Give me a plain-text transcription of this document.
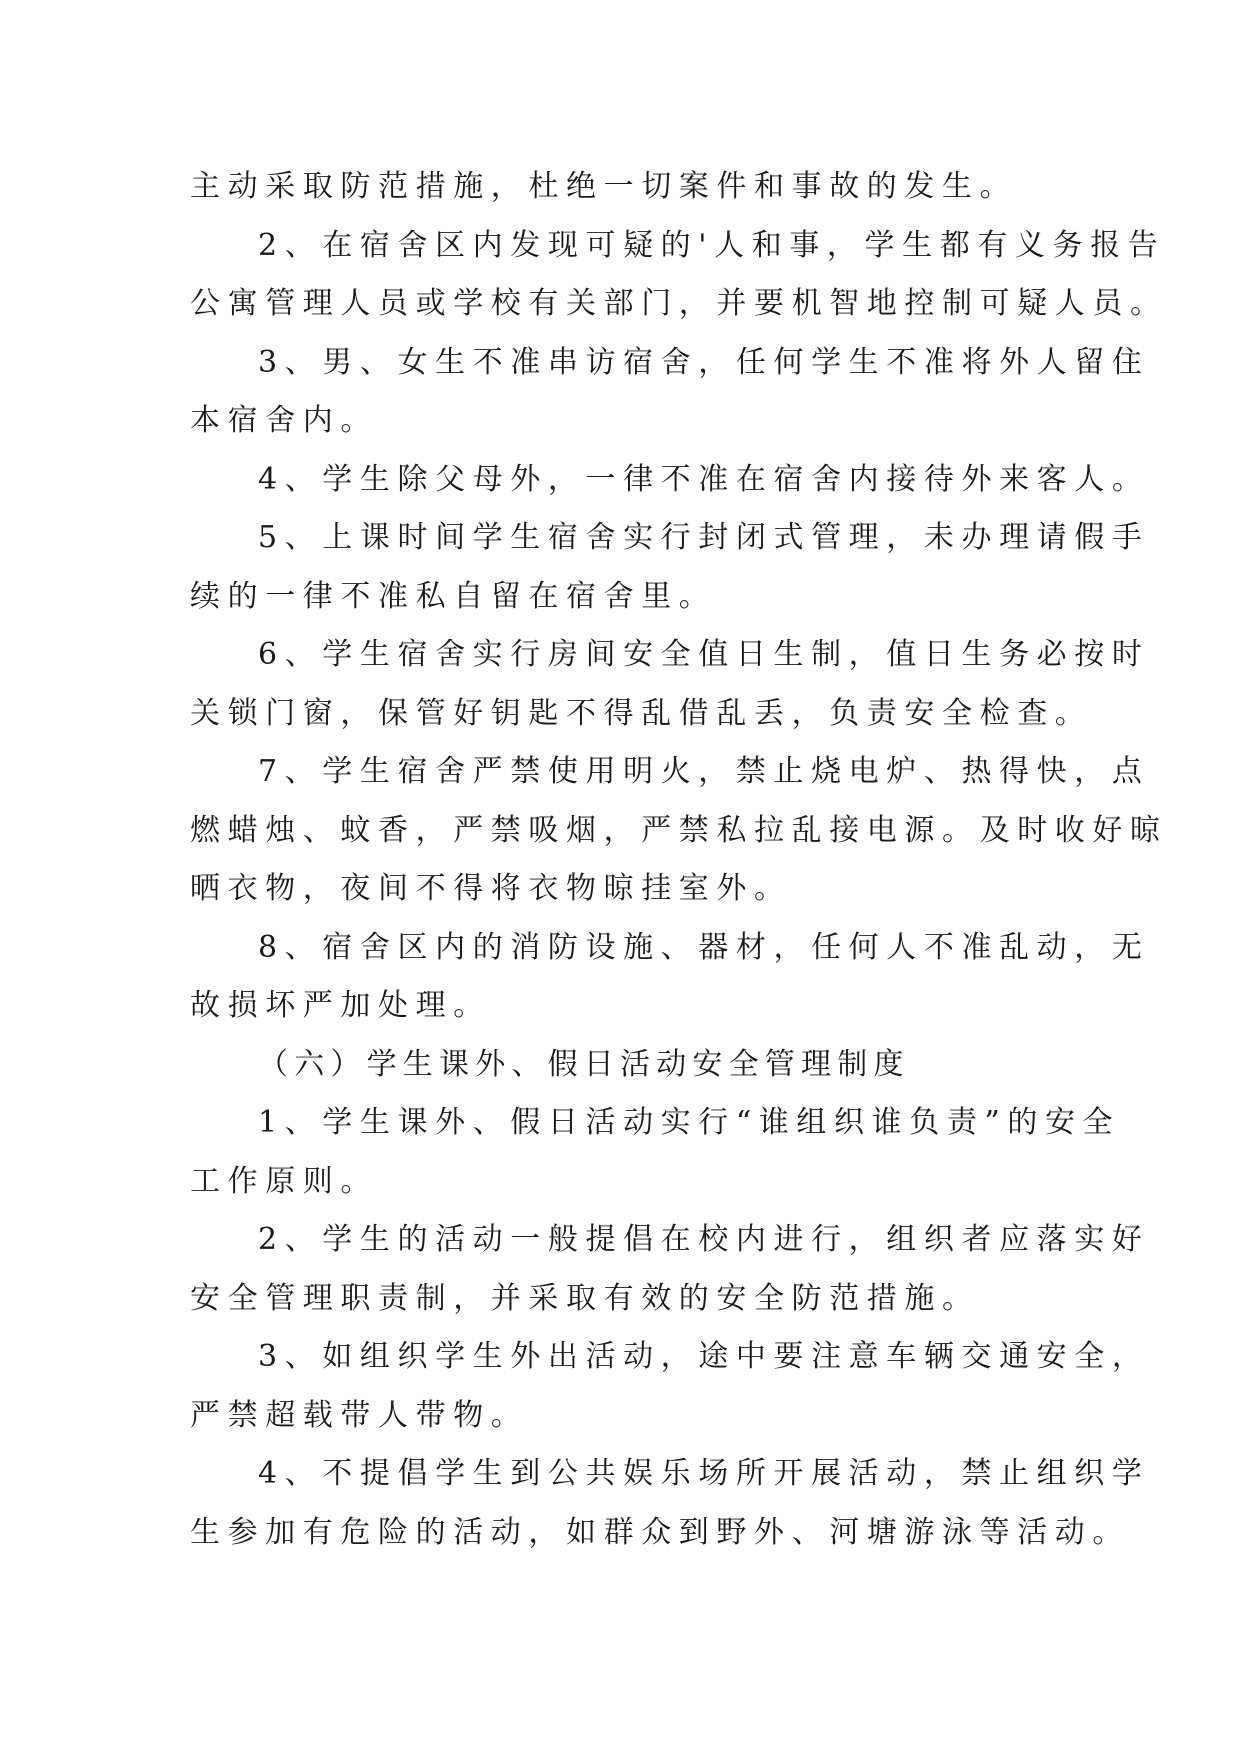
主动采取防范措施，杜绝一切案件和事故的发生。
2、在宿舍区内发现可疑的'人和事，学生都有义务报告
公寓管理人员或学校有关部门，并要机智地控制可疑人员。
3、男、女生不准串访宿舍，任何学生不准将外人留住
本宿舍内。
4、学生除父母外，一律不准在宿舍内接待外来客人。
5、上课时间学生宿舍实行封闭式管理，未办理请假手
续的一律不准私自留在宿舍里。
6、学生宿舍实行房间安全值日生制，值日生务必按时
关锁门窗，保管好钥匙不得乱借乱丢，负责安全检查。
7、学生宿舍严禁使用明火，禁止烧电炉、热得快，点
燃蜡烛、蚊香，严禁吸烟，严禁私拉乱接电源。及时收好晾
晒衣物，夜间不得将衣物晾挂室外。
8、宿舍区内的消防设施、器材，任何人不准乱动，无
故损坏严加处理。
（六）学生课外、假日活动安全管理制度
1、学生课外、假日活动实行“谁组织谁负责”的安全
工作原则。
2、学生的活动一般提倡在校内进行，组织者应落实好
安全管理职责制，并采取有效的安全防范措施。
3、如组织学生外出活动，途中要注意车辆交通安全，
严禁超载带人带物。
4、不提倡学生到公共娱乐场所开展活动，禁止组织学
生参加有危险的活动，如群众到野外、河塘游泳等活动。
